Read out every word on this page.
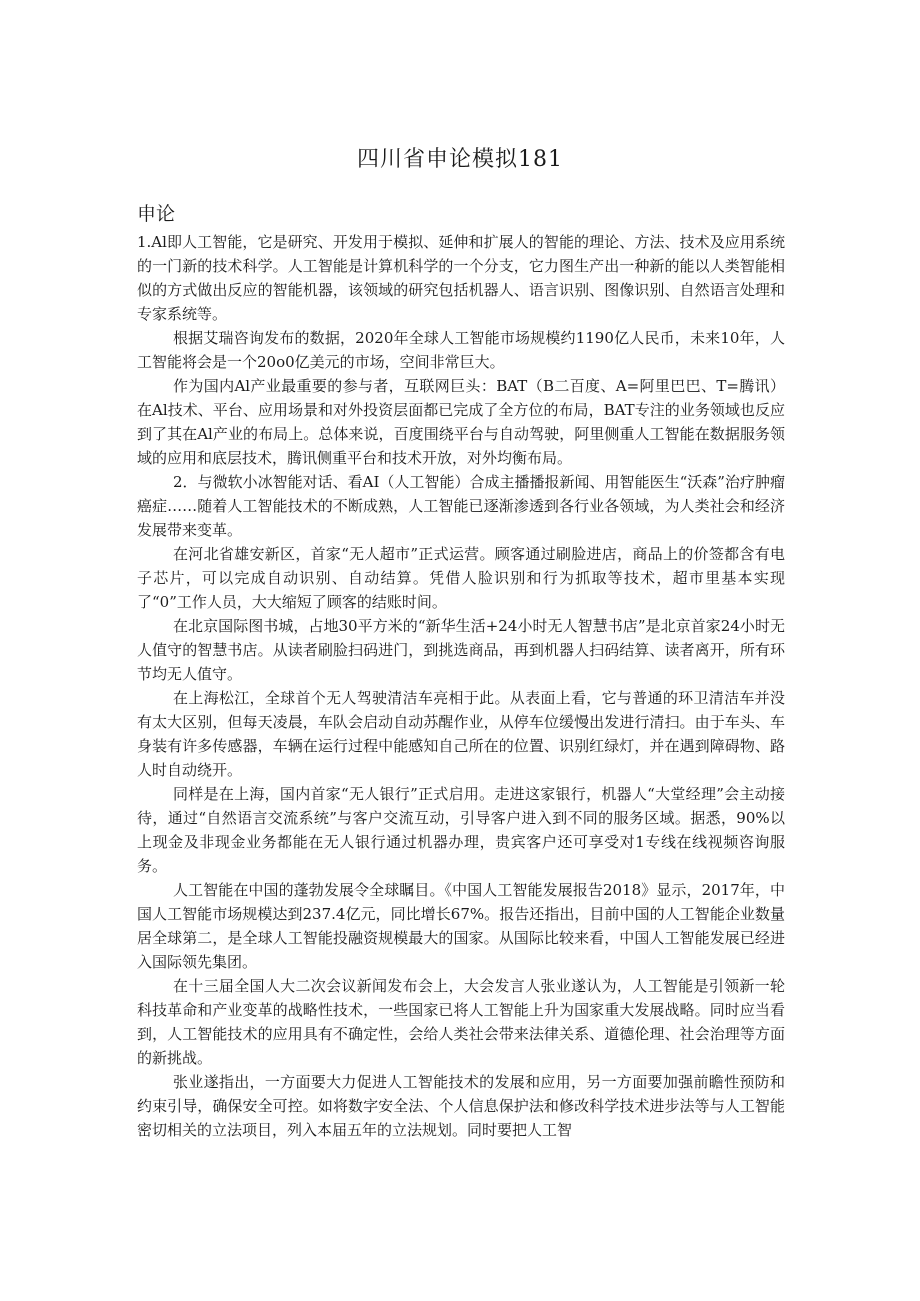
四川省申论模拟181
申论

1.Al即人工智能，它是研究、开发用于模拟、延伸和扩展人的智能的理论、方法、技术及应用系统的一门新的技术科学。人工智能是计算机科学的一个分支，它力图生产出一种新的能以人类智能相似的方式做出反应的智能机器，该领域的研究包括机器人、语言识别、图像识别、自然语言处理和专家系统等。

根据艾瑞咨询发布的数据，2020年全球人工智能市场规模约1190亿人民币，未来10年，人工智能将会是一个20o0亿美元的市场，空间非常巨大。

作为国内Al产业最重要的参与者，互联网巨头：BAT（B二百度、A=阿里巴巴、T=腾讯）在Al技术、平台、应用场景和对外投资层面都已完成了全方位的布局，BAT专注的业务领域也反应到了其在Al产业的布局上。总体来说，百度围绕平台与自动驾驶，阿里侧重人工智能在数据服务领域的应用和底层技术，腾讯侧重平台和技术开放，对外均衡布局。

2．与微软小冰智能对话、看AI（人工智能）合成主播播报新闻、用智能医生“沃森”治疗肿瘤癌症……随着人工智能技术的不断成熟，人工智能已逐渐渗透到各行业各领域，为人类社会和经济发展带来变革。

在河北省雄安新区，首家“无人超市”正式运营。顾客通过刷脸进店，商品上的价签都含有电子芯片，可以完成自动识别、自动结算。凭借人脸识别和行为抓取等技术，超市里基本实现了“0”工作人员，大大缩短了顾客的结账时间。

在北京国际图书城，占地30平方米的“新华生活+24小时无人智慧书店”是北京首家24小时无人值守的智慧书店。从读者刷脸扫码进门，到挑选商品，再到机器人扫码结算、读者离开，所有环节均无人值守。

在上海松江，全球首个无人驾驶清洁车亮相于此。从表面上看，它与普通的环卫清洁车并没有太大区别，但每天凌晨，车队会启动自动苏醒作业，从停车位缓慢出发进行清扫。由于车头、车身装有许多传感器，车辆在运行过程中能感知自己所在的位置、识别红绿灯，并在遇到障碍物、路人时自动绕开。

同样是在上海，国内首家“无人银行”正式启用。走进这家银行，机器人“大堂经理”会主动接待，通过“自然语言交流系统”与客户交流互动，引导客户进入到不同的服务区域。据悉，90%以上现金及非现金业务都能在无人银行通过机器办理，贵宾客户还可享受对1专线在线视频咨询服务。

人工智能在中国的蓬勃发展令全球瞩目。《中国人工智能发展报告2018》显示，2017年，中国人工智能市场规模达到237.4亿元，同比增长67%。报告还指出，目前中国的人工智能企业数量居全球第二，是全球人工智能投融资规模最大的国家。从国际比较来看，中国人工智能发展已经进入国际领先集团。

在十三届全国人大二次会议新闻发布会上，大会发言人张业遂认为，人工智能是引领新一轮科技革命和产业变革的战略性技术，一些国家已将人工智能上升为国家重大发展战略。同时应当看到，人工智能技术的应用具有不确定性，会给人类社会带来法律关系、道德伦理、社会治理等方面的新挑战。

张业遂指出，一方面要大力促进人工智能技术的发展和应用，另一方面要加强前瞻性预防和约束引导，确保安全可控。如将数字安全法、个人信息保护法和修改科学技术进步法等与人工智能密切相关的立法项目，列入本届五年的立法规划。同时要把人工智
